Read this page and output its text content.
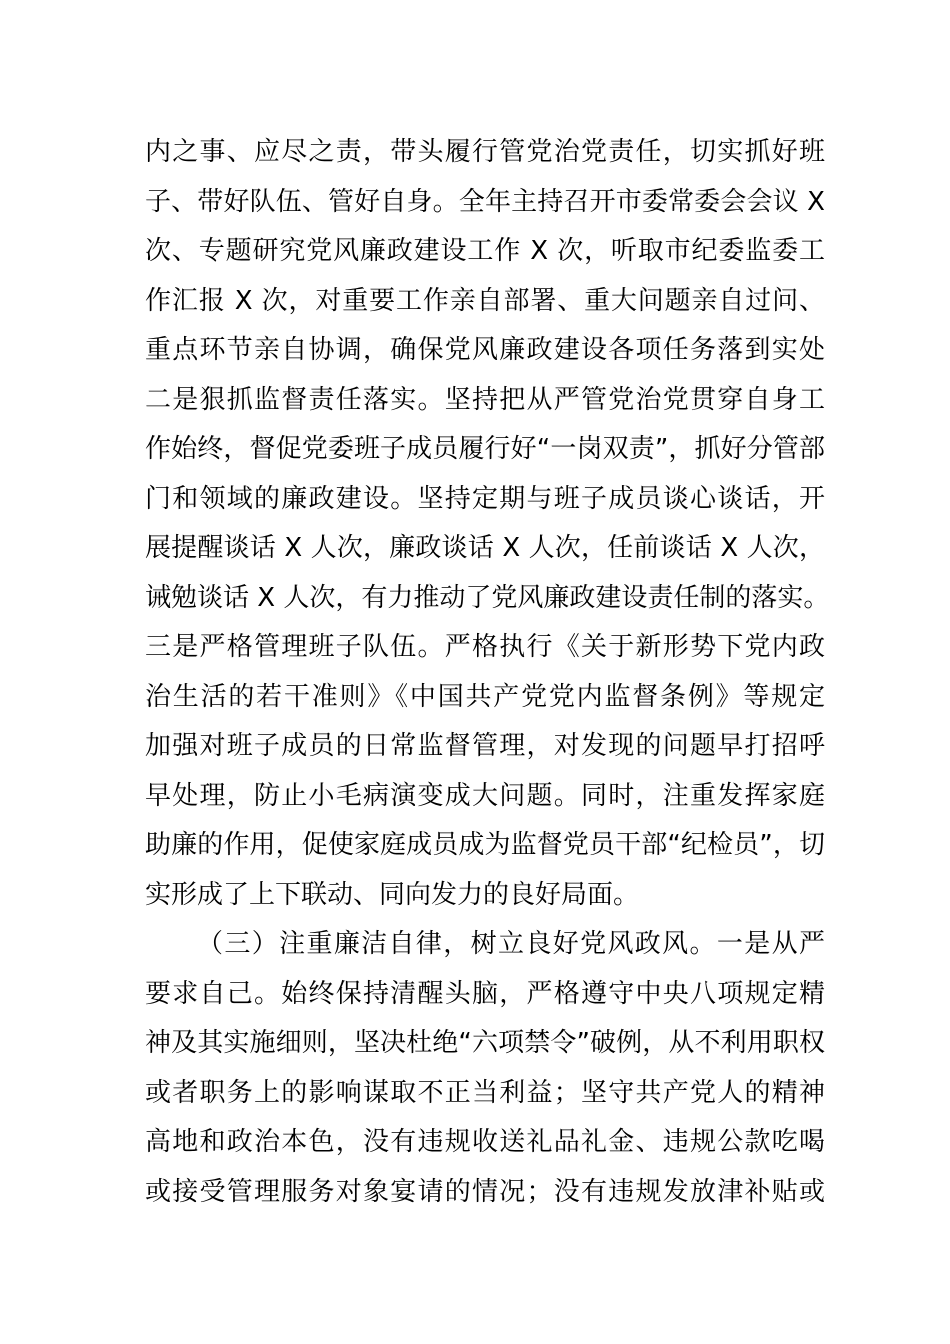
内之事、应尽之责，带头履行管党治党责任，切实抓好班
子、带好队伍、管好自身。全年主持召开市委常委会会议 X
次、专题研究党风廉政建设工作 X 次，听取市纪委监委工
作汇报 X 次，对重要工作亲自部署、重大问题亲自过问、
重点环节亲自协调，确保党风廉政建设各项任务落到实处
二是狠抓监督责任落实。坚持把从严管党治党贯穿自身工
作始终，督促党委班子成员履行好“一岗双责”，抓好分管部
门和领域的廉政建设。坚持定期与班子成员谈心谈话，开
展提醒谈话 X 人次，廉政谈话 X 人次，任前谈话 X 人次，
诫勉谈话 X 人次，有力推动了党风廉政建设责任制的落实。
三是严格管理班子队伍。严格执行《关于新形势下党内政
治生活的若干准则》《中国共产党党内监督条例》等规定
加强对班子成员的日常监督管理，对发现的问题早打招呼
早处理，防止小毛病演变成大问题。同时，注重发挥家庭
助廉的作用，促使家庭成员成为监督党员干部“纪检员”，切
实形成了上下联动、同向发力的良好局面。
（三）注重廉洁自律，树立良好党风政风。一是从严
要求自己。始终保持清醒头脑，严格遵守中央八项规定精
神及其实施细则，坚决杜绝“六项禁令”破例，从不利用职权
或者职务上的影响谋取不正当利益；坚守共产党人的精神
高地和政治本色，没有违规收送礼品礼金、违规公款吃喝
或接受管理服务对象宴请的情况；没有违规发放津补贴或
